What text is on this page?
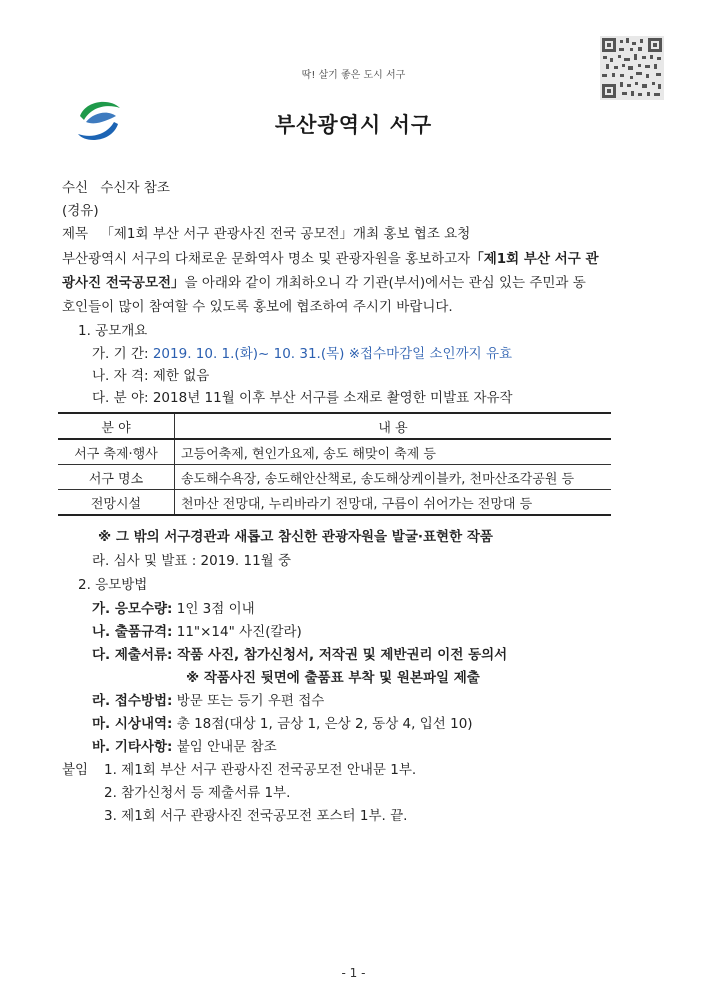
딱! 살기 좋은 도시 서구
부산광역시 서구
수신 수신자 참조
(경유)
제목 「제1회 부산 서구 관광사진 전국 공모전」개최 홍보 협조 요청
부산광역시 서구의 다채로운 문화역사 명소 및 관광자원을 홍보하고자「제1회 부산 서구 관
광사진 전국공모전」을 아래와 같이 개최하오니 각 기관(부서)에서는 관심 있는 주민과 동
호인들이 많이 참여할 수 있도록 홍보에 협조하여 주시기 바랍니다.
1. 공모개요
가. 기 간: 2019. 10. 1.(화)~ 10. 31.(목) ※접수마감일 소인까지 유효
나. 자 격: 제한 없음
다. 분 야: 2018년 11월 이후 부산 서구를 소재로 촬영한 미발표 자유작
분 야	내 용
서구 축제·행사	고등어축제, 현인가요제, 송도 해맞이 축제 등
서구 명소	송도해수욕장, 송도해안산책로, 송도해상케이블카, 천마산조각공원 등
전망시설	천마산 전망대, 누리바라기 전망대, 구름이 쉬어가는 전망대 등
※ 그 밖의 서구경관과 새롭고 참신한 관광자원을 발굴·표현한 작품
라. 심사 및 발표 : 2019. 11월 중
2. 응모방법
가. 응모수량: 1인 3점 이내
나. 출품규격: 11"×14" 사진(칼라)
다. 제출서류: 작품 사진, 참가신청서, 저작권 및 제반권리 이전 동의서
※ 작품사진 뒷면에 출품표 부착 및 원본파일 제출
라. 접수방법: 방문 또는 등기 우편 접수
마. 시상내역: 총 18점(대상 1, 금상 1, 은상 2, 동상 4, 입선 10)
바. 기타사항: 붙임 안내문 참조
붙임 1. 제1회 부산 서구 관광사진 전국공모전 안내문 1부.
2. 참가신청서 등 제출서류 1부.
3. 제1회 서구 관광사진 전국공모전 포스터 1부. 끝.
- 1 -
